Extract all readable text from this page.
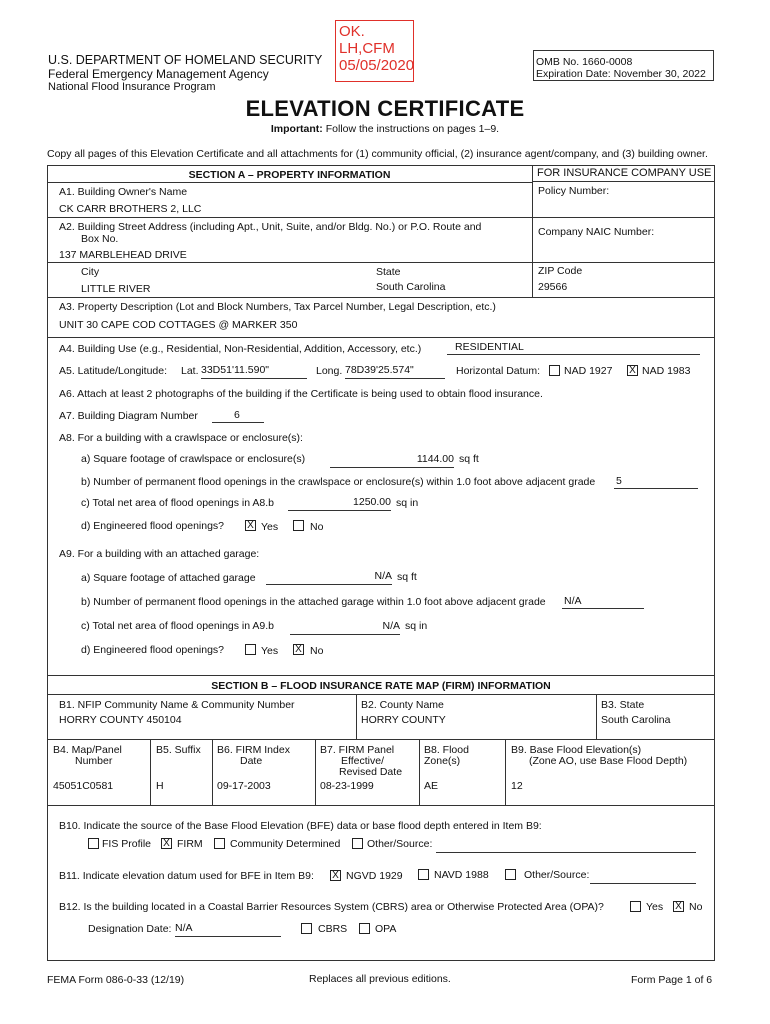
U.S. DEPARTMENT OF HOMELAND SECURITY
Federal Emergency Management Agency
National Flood Insurance Program
OK.
LH,CFM
05/05/2020	OMB No. 1660-0008
Expiration Date: November 30, 2022
ELEVATION CERTIFICATE
Important: Follow the instructions on pages 1–9.
Copy all pages of this Elevation Certificate and all attachments for (1) community official, (2) insurance agent/company, and (3) building owner.
SECTION A – PROPERTY INFORMATION	FOR INSURANCE COMPANY USE
Policy Number:
Company NAIC Number:
A1. Building Owner's Name
CK CARR BROTHERS 2, LLC
A2. Building Street Address (including Apt., Unit, Suite, and/or Bldg. No.) or P.O. Route and
Box No.
137 MARBLEHEAD DRIVE
City
LITTLE RIVER
State
South Carolina
ZIP Code
29566
A3. Property Description (Lot and Block Numbers, Tax Parcel Number, Legal Description, etc.)
UNIT 30 CAPE COD COTTAGES @ MARKER 350
A4. Building Use (e.g., Residential, Non-Residential, Addition, Accessory, etc.)	RESIDENTIAL
A5. Latitude/Longitude: Lat. 33D51'11.590"	Long. 78D39'25.574"	Horizontal Datum: NAD 1927 X NAD 1983
A6. Attach at least 2 photographs of the building if the Certificate is being used to obtain flood insurance.
A7. Building Diagram Number	6
A8. For a building with a crawlspace or enclosure(s):
a) Square footage of crawlspace or enclosure(s)	1144.00 sq ft
b) Number of permanent flood openings in the crawlspace or enclosure(s) within 1.0 foot above adjacent grade 5
c) Total net area of flood openings in A8.b	1250.00 sq in
d) Engineered flood openings? X Yes	No
A9. For a building with an attached garage:
a) Square footage of attached garage	N/A sq ft
b) Number of permanent flood openings in the attached garage within 1.0 foot above adjacent grade N/A
c) Total net area of flood openings in A9.b	N/A sq in
d) Engineered flood openings?	Yes X No
SECTION B – FLOOD INSURANCE RATE MAP (FIRM) INFORMATION
B1. NFIP Community Name & Community Number
HORRY COUNTY 450104
B2. County Name
HORRY COUNTY
B3. State
South Carolina
B4. Map/Panel
Number
45051C0581
B5. Suffix
H
B6. FIRM Index
Date
09-17-2003
B7. FIRM Panel
Effective/
Revised Date
08-23-1999
B8. Flood
Zone(s)
AE
B9. Base Flood Elevation(s)
(Zone AO, use Base Flood Depth)
12
B10. Indicate the source of the Base Flood Elevation (BFE) data or base flood depth entered in Item B9:
FIS Profile X FIRM	Community Determined	Other/Source:
B11. Indicate elevation datum used for BFE in Item B9: X NGVD 1929	NAVD 1988	Other/Source:
B12. Is the building located in a Coastal Barrier Resources System (CBRS) area or Otherwise Protected Area (OPA)?	Yes X No
Designation Date: N/A	CBRS	OPA
FEMA Form 086-0-33 (12/19)	Replaces all previous editions.	Form Page 1 of 6
